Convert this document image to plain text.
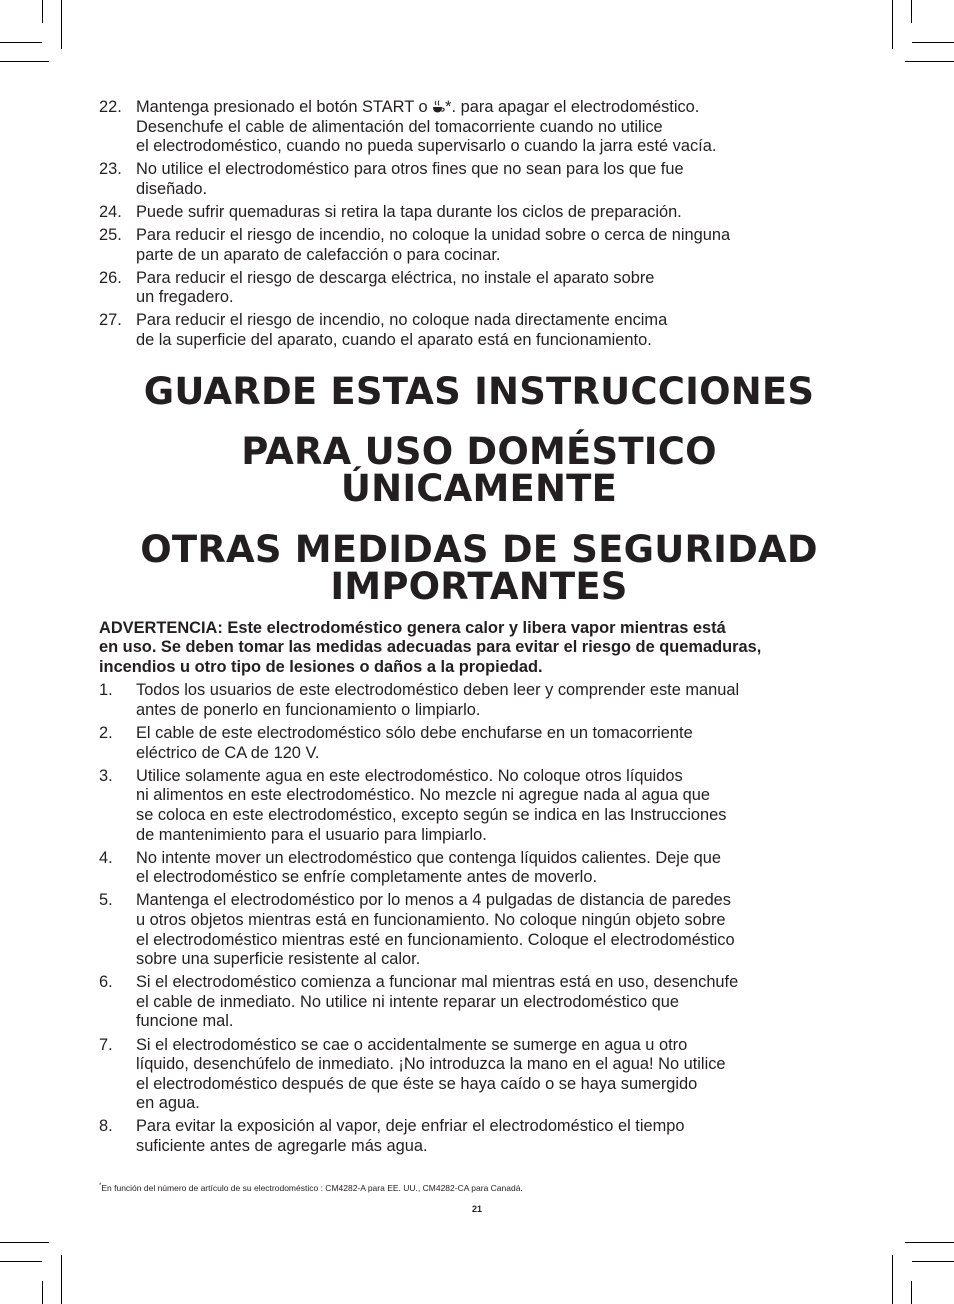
22. Mantenga presionado el botón START o *. para apagar el electrodoméstico.
Desenchufe el cable de alimentación del tomacorriente cuando no utilice
el electrodoméstico, cuando no pueda supervisarlo o cuando la jarra esté vacía.
23. No utilice el electrodoméstico para otros fines que no sean para los que fue
diseñado.
24. Puede sufrir quemaduras si retira la tapa durante los ciclos de preparación.
25. Para reducir el riesgo de incendio, no coloque la unidad sobre o cerca de ninguna
parte de un aparato de calefacción o para cocinar.
26. Para reducir el riesgo de descarga eléctrica, no instale el aparato sobre
un fregadero.
27. Para reducir el riesgo de incendio, no coloque nada directamente encima
de la superficie del aparato, cuando el aparato está en funcionamiento.
GUARDE ESTAS INSTRUCCIONES
PARA USO DOMÉSTICO
ÚNICAMENTE
OTRAS MEDIDAS DE SEGURIDAD
IMPORTANTES
ADVERTENCIA: Este electrodoméstico genera calor y libera vapor mientras está
en uso. Se deben tomar las medidas adecuadas para evitar el riesgo de quemaduras,
incendios u otro tipo de lesiones o daños a la propiedad.
1. Todos los usuarios de este electrodoméstico deben leer y comprender este manual
antes de ponerlo en funcionamiento o limpiarlo.
2. El cable de este electrodoméstico sólo debe enchufarse en un tomacorriente
eléctrico de CA de 120 V.
3. Utilice solamente agua en este electrodoméstico. No coloque otros líquidos
ni alimentos en este electrodoméstico. No mezcle ni agregue nada al agua que
se coloca en este electrodoméstico, excepto según se indica en las Instrucciones
de mantenimiento para el usuario para limpiarlo.
4. No intente mover un electrodoméstico que contenga líquidos calientes. Deje que
el electrodoméstico se enfríe completamente antes de moverlo.
5. Mantenga el electrodoméstico por lo menos a 4 pulgadas de distancia de paredes
u otros objetos mientras está en funcionamiento. No coloque ningún objeto sobre
el electrodoméstico mientras esté en funcionamiento. Coloque el electrodoméstico
sobre una superficie resistente al calor.
6. Si el electrodoméstico comienza a funcionar mal mientras está en uso, desenchufe
el cable de inmediato. No utilice ni intente reparar un electrodoméstico que
funcione mal.
7. Si el electrodoméstico se cae o accidentalmente se sumerge en agua u otro
líquido, desenchúfelo de inmediato. ¡No introduzca la mano en el agua! No utilice
el electrodoméstico después de que éste se haya caído o se haya sumergido
en agua.
8. Para evitar la exposición al vapor, deje enfriar el electrodoméstico el tiempo
suficiente antes de agregarle más agua.
*En función del número de artículo de su electrodoméstico : CM4282-A para EE. UU., CM4282-CA para Canadá.
21
